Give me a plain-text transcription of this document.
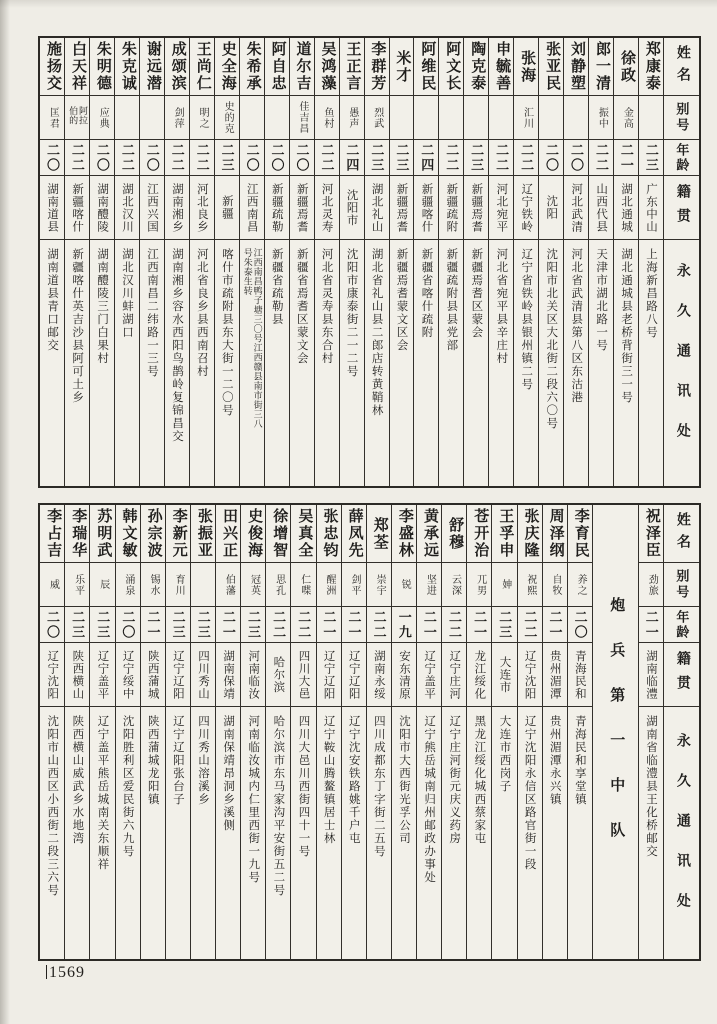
姓名
别号
年龄
籍贯
永久通讯处
郑康泰
二三
广东中山
上海新昌路八号
徐政
金高
二一
湖北通城
湖北通城县老桥背街三一号
郎一清
振中
二二
山西代县
天津市湖北路一号
刘静塑
二〇
河北武清
河北省武清县第八区东沽港
张亚民
二〇
沈阳
沈阳市北关区大北街二段六〇号
张海
汇川
二二
辽宁铁岭
辽宁省铁岭县银州镇二号
申毓善
二二
河北宛平
河北省宛平县辛庄村
陶克泰
二三
新疆焉耆
新疆焉耆区蒙会
阿文长
二二
新疆疏附
新疆疏附县县党部
阿维民
二四
新疆喀什
新疆省喀什疏附
米才
二三
新疆焉耆
新疆焉耆蒙文区会
李群芳
烈武
二三
湖北礼山
湖北省礼山县二郎店转黄鞘林
王正言
愚声
二四
沈阳市
沈阳市康泰街二一二号
吴鸿藻
鱼村
二二
河北灵寿
河北省灵寿县东合村
道尔吉
佳吉昌
二〇
新疆焉耆
新疆省焉耆区蒙文会
阿自忠
二〇
新疆疏勒
新疆省疏勒县
朱希承
二〇
江西南昌
江西南昌鸭子塘三〇号江西赣县南市街三八号朱泰生转
史全海
史的克
二三
新疆
喀什市疏附县东大街一二〇号
王尚仁
明之
二二
河北良乡
河北省良乡县西南召村
成颂滨
剑萍
二二
湖南湘乡
湖南湘乡容水西阳鸟鹊岭复锦昌交
谢远潜
二〇
江西兴国
江西南昌二纬路一三号
朱克诚
二二
湖北汉川
湖北汉川蚌湖口
朱明德
应典
二〇
湖南醴陵
湖南醴陵三门白果村
白天祥
阿拉伯的
二二
新疆喀什
新疆喀什英吉沙县阿可土乡
施扬交
匡君
二〇
湖南道县
湖南道县青口邮交
姓名
别号
年龄
籍贯
永久通讯处
祝泽臣
劲旅
二一
湖南临澧
湖南省临澧县王化桥邮交
炮兵第一中队
李育民
养之
二〇
青海民和
青海民和享堂镇
周泽纲
自牧
二一
贵州湄潭
贵州湄潭永兴镇
张庆隆
祝熙
二二
辽宁沈阳
辽宁沈阳永信区路官街一段
王孚申
妽
二三
大连市
大连市西岗子
苍开治
兀男
二一
龙江绥化
黑龙江绥化城西蔡家屯
舒穆
云深
二二
辽宁庄河
辽宁庄河街元庆义药房
黄承远
坚进
二一
辽宁盖平
辽宁熊岳城南归州邮政办事处
李盛林
锐
一九
安东清原
沈阳市大西街光孚公司
郑荃
崇宇
二二
湖南永绥
四川成都东丁字街二五号
薛凤先
剑平
二一
辽宁辽阳
辽宁沈安铁路姚千户屯
张忠钧
醒洲
二一
辽宁辽阳
辽宁鞍山腾鳌镇居士林
吴真全
仁喋
二二
四川大邑
四川大邑川西街四十一号
徐增智
思孔
二二
哈尔滨
哈尔滨市东马家沟平安街五二号
史俊海
冠英
二三
河南临汝
河南临汝城内仁里西街一九号
田兴正
伯藩
二一
湖南保靖
湖南保靖昂洞乡溪侧
张振亚
二三
四川秀山
四川秀山溶溪乡
李新元
育川
二三
辽宁辽阳
辽宁辽阳张台子
孙宗波
锡水
二一
陕西蒲城
陕西蒲城龙阳镇
韩文敏
涌泉
二〇
辽宁绥中
沈阳胜利区爱民街六九号
苏明武
辰
二三
辽宁盖平
辽宁盖平熊岳城南关东顺祥
李瑞华
乐平
二三
陕西横山
陕西横山威武乡水地湾
李占吉
威
二〇
辽宁沈阳
沈阳市山西区小西街二段三六号
1569
